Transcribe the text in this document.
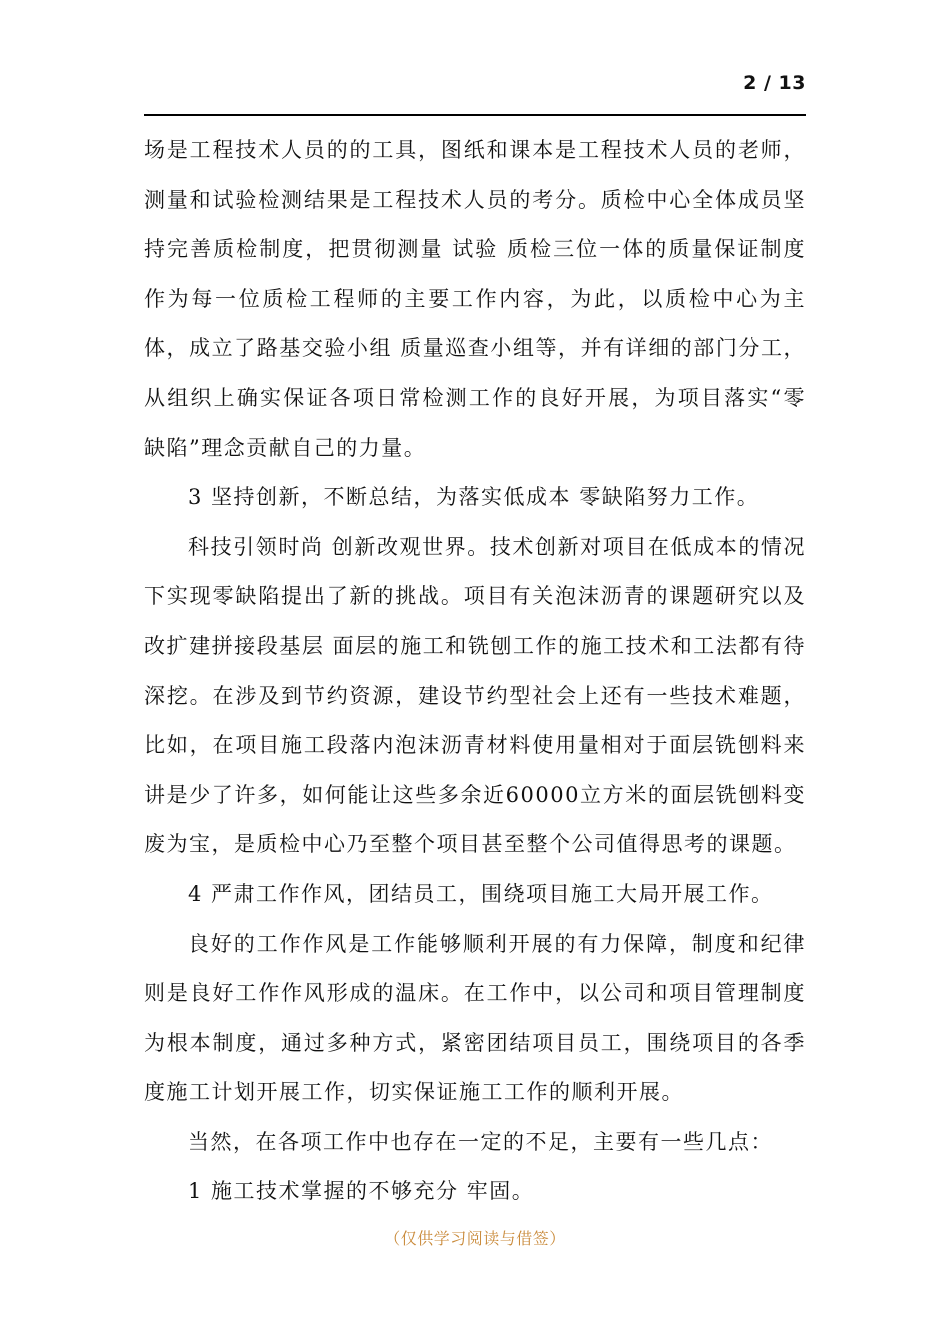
2 / 13

场是工程技术人员的的工具，图纸和课本是工程技术人员的老师，测量和试验检测结果是工程技术人员的考分。质检中心全体成员坚持完善质检制度，把贯彻测量 试验 质检三位一体的质量保证制度作为每一位质检工程师的主要工作内容，为此，以质检中心为主体，成立了路基交验小组 质量巡查小组等，并有详细的部门分工，从组织上确实保证各项日常检测工作的良好开展，为项目落实“零缺陷”理念贡献自己的力量。

3 坚持创新，不断总结，为落实低成本 零缺陷努力工作。

科技引领时尚 创新改观世界。技术创新对项目在低成本的情况下实现零缺陷提出了新的挑战。项目有关泡沫沥青的课题研究以及改扩建拼接段基层 面层的施工和铣刨工作的施工技术和工法都有待深挖。在涉及到节约资源，建设节约型社会上还有一些技术难题，比如，在项目施工段落内泡沫沥青材料使用量相对于面层铣刨料来讲是少了许多，如何能让这些多余近60000立方米的面层铣刨料变废为宝，是质检中心乃至整个项目甚至整个公司值得思考的课题。

4 严肃工作作风，团结员工，围绕项目施工大局开展工作。

良好的工作作风是工作能够顺利开展的有力保障，制度和纪律则是良好工作作风形成的温床。在工作中，以公司和项目管理制度为根本制度，通过多种方式，紧密团结项目员工，围绕项目的各季度施工计划开展工作，切实保证施工工作的顺利开展。

当然，在各项工作中也存在一定的不足，主要有一些几点：

1 施工技术掌握的不够充分 牢固。

（仅供学习阅读与借签）
